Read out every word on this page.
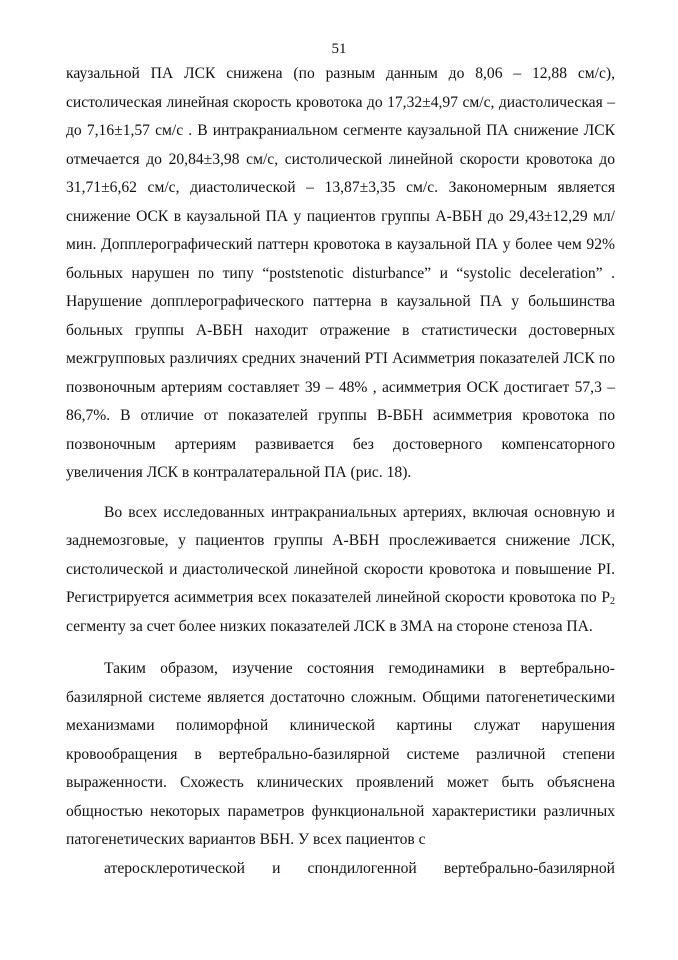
51

каузальной ПА ЛСК снижена (по разным данным до 8,06 – 12,88 см/с), систолическая линейная скорость кровотока до 17,32±4,97 см/с, диастолическая – до 7,16±1,57 см/с . В интракраниальном сегменте каузальной ПА снижение ЛСК отмечается до 20,84±3,98 см/с, систолической линейной скорости кровотока до 31,71±6,62 см/с, диастолической – 13,87±3,35 см/с. Закономерным является снижение ОСК в каузальной ПА у пациентов группы А-ВБН до 29,43±12,29 мл/мин. Допплерографический паттерн кровотока в каузальной ПА у более чем 92% больных нарушен по типу “poststenotic disturbance” и “systolic deceleration” . Нарушение допплерографического паттерна в каузальной ПА у большинства больных группы А-ВБН находит отражение в статистически достоверных межгрупповых различиях средних значений PTI Асимметрия показателей ЛСК по позвоночным артериям составляет 39 – 48% , асимметрия ОСК достигает 57,3 – 86,7%. В отличие от показателей группы В-ВБН асимметрия кровотока по позвоночным артериям развивается без достоверного компенсаторного увеличения ЛСК в контралатеральной ПА (рис. 18).

Во всех исследованных интракраниальных артериях, включая основную и заднемозговые, у пациентов группы А-ВБН прослеживается снижение ЛСК, систолической и диастолической линейной скорости кровотока и повышение PI. Регистрируется асимметрия всех показателей линейной скорости кровотока по $P_2$ сегменту за счет более низких показателей ЛСК в ЗМА на стороне стеноза ПА.

Таким образом, изучение состояния гемодинамики в вертебрально-базилярной системе является достаточно сложным. Общими патогенетическими механизмами полиморфной клинической картины служат нарушения кровообращения в вертебрально-базилярной системе различной степени выраженности. Схожесть клинических проявлений может быть объяснена общностью некоторых параметров функциональной характеристики различных патогенетических вариантов ВБН. У всех пациентов с
атеросклеротической и спондилогенной вертебрально-базилярной
